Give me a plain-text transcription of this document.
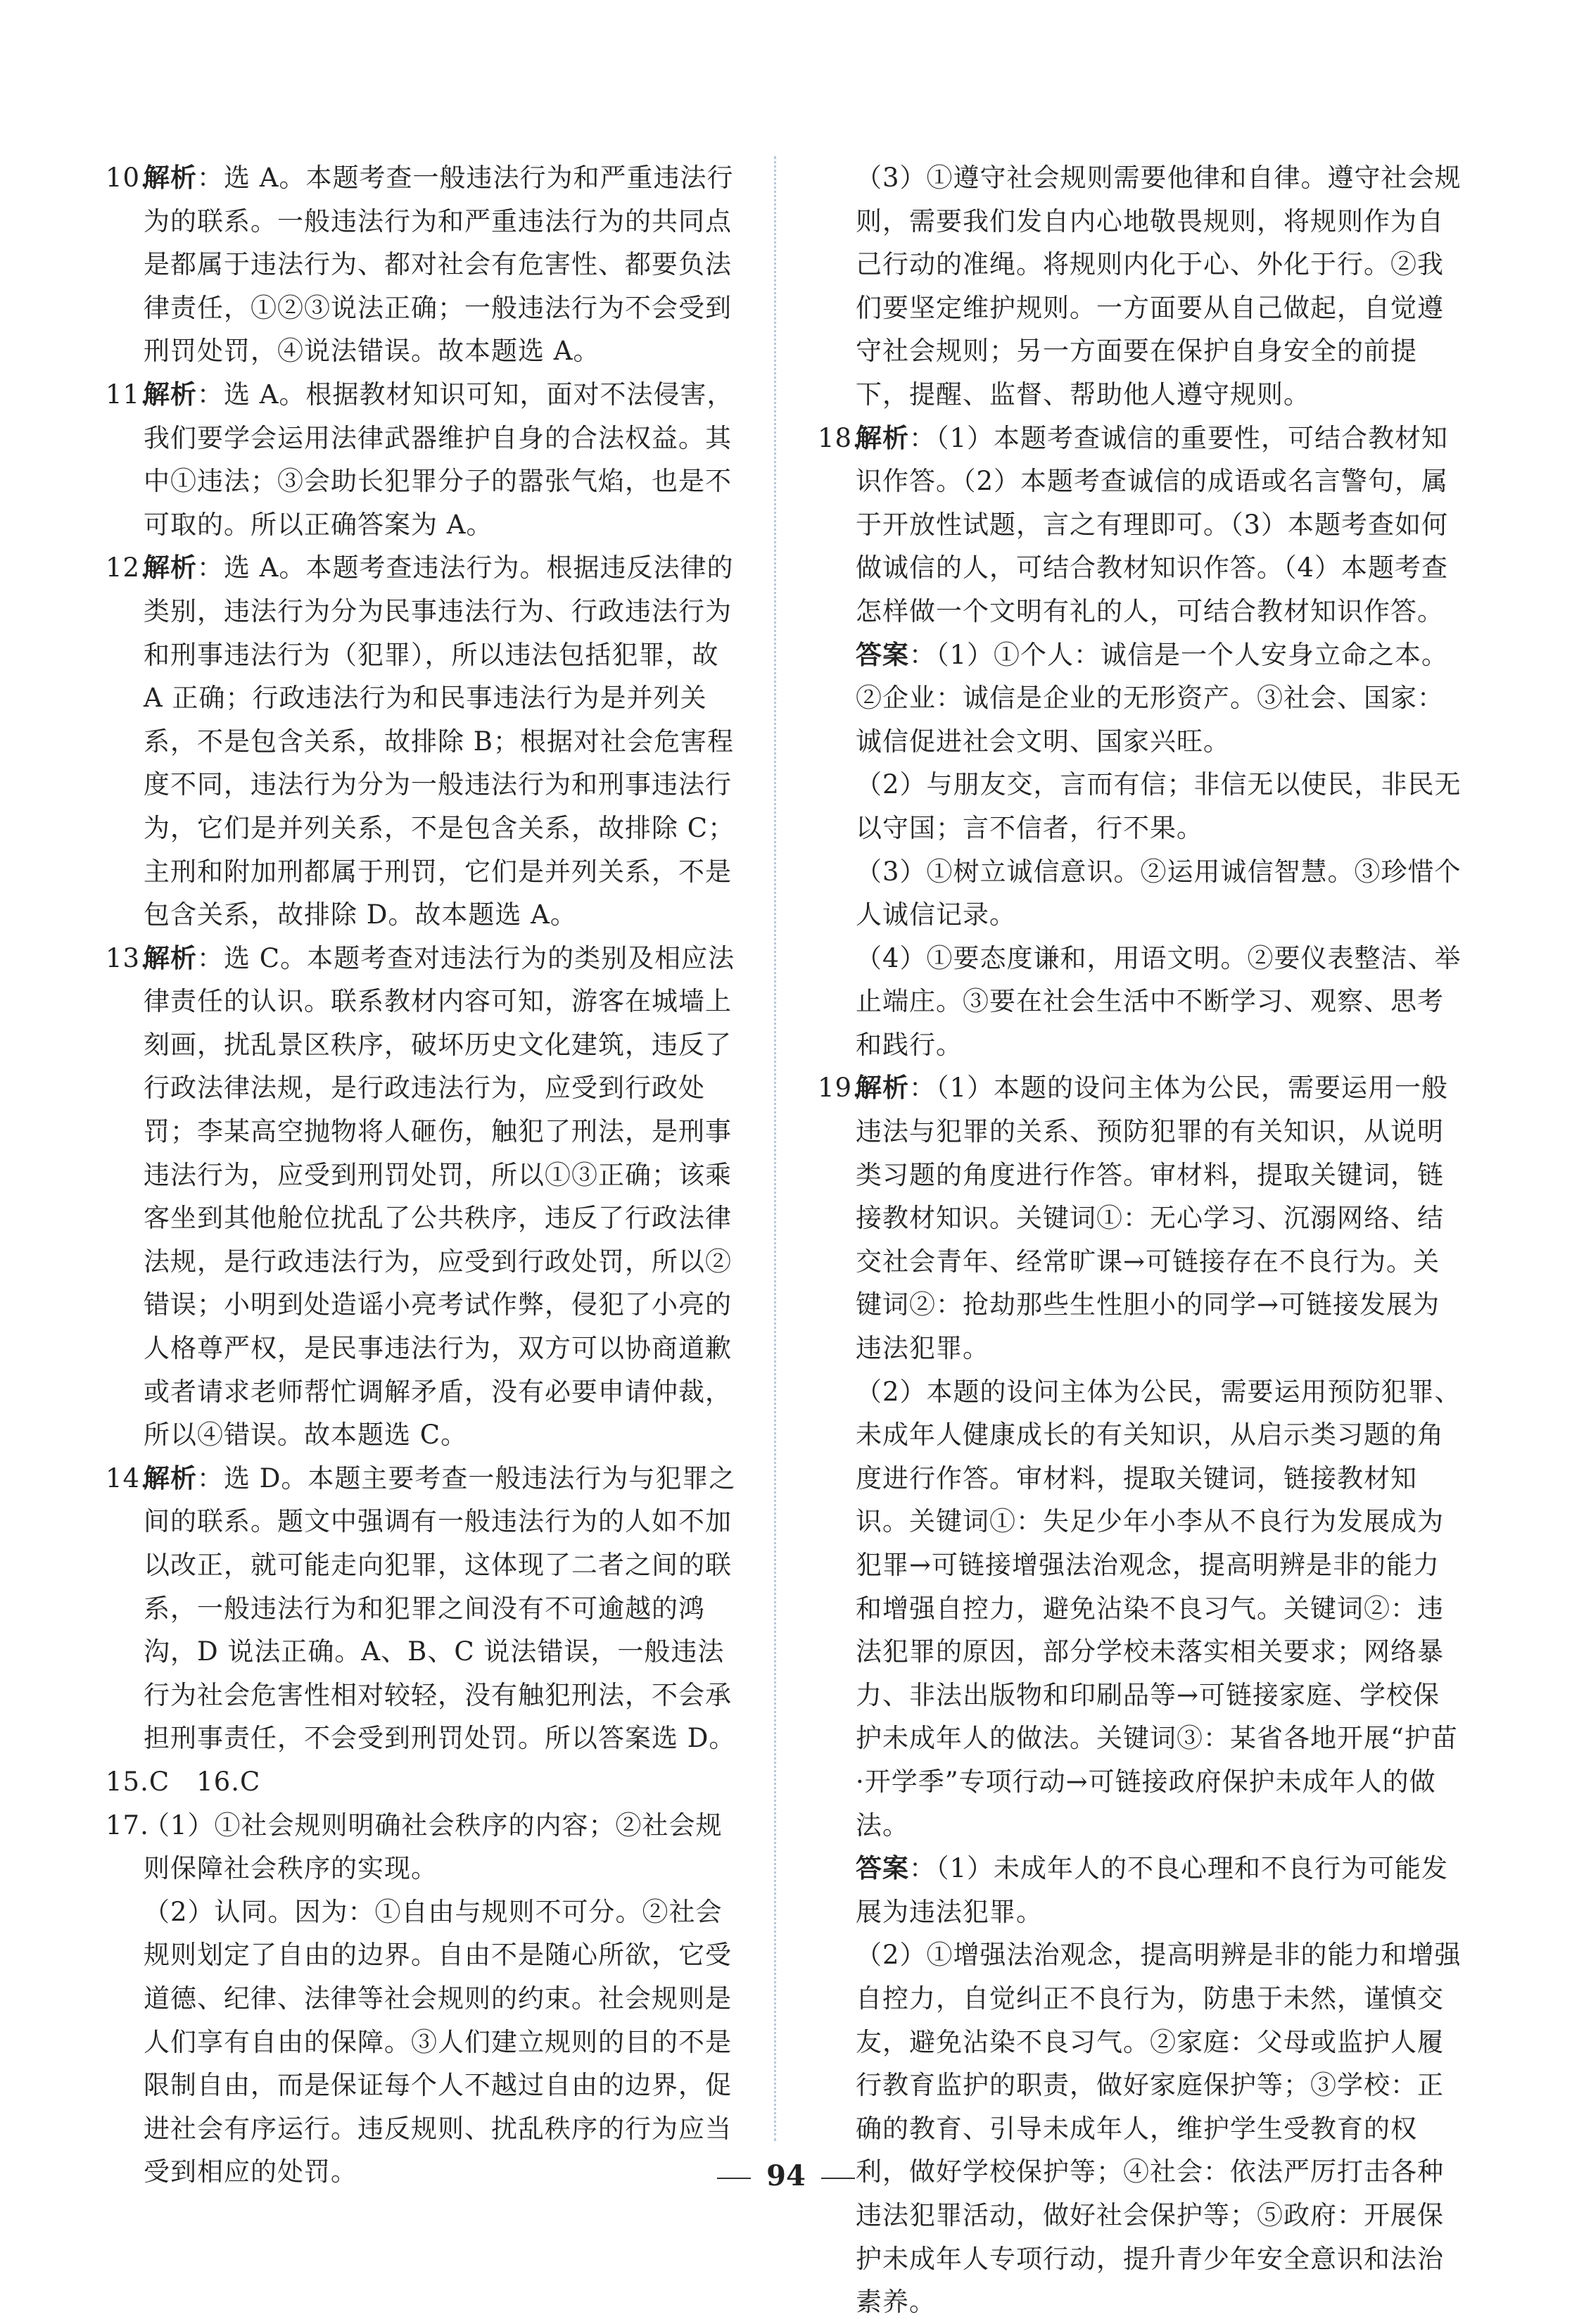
10.
解析：选 A。本题考查一般违法行为和严重违法行为的联系。一般违法行为和严重违法行为的共同点是都属于违法行为、都对社会有危害性、都要负法律责任，①②③说法正确；一般违法行为不会受到刑罚处罚，④说法错误。故本题选 A。
11.
解析：选 A。根据教材知识可知，面对不法侵害，我们要学会运用法律武器维护自身的合法权益。其中①违法；③会助长犯罪分子的嚣张气焰，也是不可取的。所以正确答案为 A。
12.
解析：选 A。本题考查违法行为。根据违反法律的类别，违法行为分为民事违法行为、行政违法行为和刑事违法行为（犯罪），所以违法包括犯罪，故 A 正确；行政违法行为和民事违法行为是并列关系，不是包含关系，故排除 B；根据对社会危害程度不同，违法行为分为一般违法行为和刑事违法行为，它们是并列关系，不是包含关系，故排除 C；主刑和附加刑都属于刑罚，它们是并列关系，不是包含关系，故排除 D。故本题选 A。
13.
解析：选 C。本题考查对违法行为的类别及相应法律责任的认识。联系教材内容可知，游客在城墙上刻画，扰乱景区秩序，破坏历史文化建筑，违反了行政法律法规，是行政违法行为，应受到行政处罚；李某高空抛物将人砸伤，触犯了刑法，是刑事违法行为，应受到刑罚处罚，所以①③正确；该乘客坐到其他舱位扰乱了公共秩序，违反了行政法律法规，是行政违法行为，应受到行政处罚，所以②错误；小明到处造谣小亮考试作弊，侵犯了小亮的人格尊严权，是民事违法行为，双方可以协商道歉或者请求老师帮忙调解矛盾，没有必要申请仲裁，所以④错误。故本题选 C。
14.
解析：选 D。本题主要考查一般违法行为与犯罪之间的联系。题文中强调有一般违法行为的人如不加以改正，就可能走向犯罪，这体现了二者之间的联系，一般违法行为和犯罪之间没有不可逾越的鸿沟，D 说法正确。A、B、C 说法错误，一般违法行为社会危害性相对较轻，没有触犯刑法，不会承担刑事责任，不会受到刑罚处罚。所以答案选 D。

15.C　16.C

17.
（1）①社会规则明确社会秩序的内容；②社会规则保障社会秩序的实现。

（2）认同。因为：①自由与规则不可分。②社会规则划定了自由的边界。自由不是随心所欲，它受道德、纪律、法律等社会规则的约束。社会规则是人们享有自由的保障。③人们建立规则的目的不是限制自由，而是保证每个人不越过自由的边界，促进社会有序运行。违反规则、扰乱秩序的行为应当受到相应的处罚。

（3）①遵守社会规则需要他律和自律。遵守社会规则，需要我们发自内心地敬畏规则，将规则作为自己行动的准绳。将规则内化于心、外化于行。②我们要坚定维护规则。一方面要从自己做起，自觉遵守社会规则；另一方面要在保护自身安全的前提下，提醒、监督、帮助他人遵守规则。

18.
解析：（1）本题考查诚信的重要性，可结合教材知识作答。（2）本题考查诚信的成语或名言警句，属于开放性试题，言之有理即可。（3）本题考查如何做诚信的人，可结合教材知识作答。（4）本题考查怎样做一个文明有礼的人，可结合教材知识作答。

答案：（1）①个人：诚信是一个人安身立命之本。②企业：诚信是企业的无形资产。③社会、国家：诚信促进社会文明、国家兴旺。

（2）与朋友交，言而有信；非信无以使民，非民无以守国；言不信者，行不果。

（3）①树立诚信意识。②运用诚信智慧。③珍惜个人诚信记录。

（4）①要态度谦和，用语文明。②要仪表整洁、举止端庄。③要在社会生活中不断学习、观察、思考和践行。

19.
解析：（1）本题的设问主体为公民，需要运用一般违法与犯罪的关系、预防犯罪的有关知识，从说明类习题的角度进行作答。审材料，提取关键词，链接教材知识。关键词①：无心学习、沉溺网络、结交社会青年、经常旷课→可链接存在不良行为。关键词②：抢劫那些生性胆小的同学→可链接发展为违法犯罪。

（2）本题的设问主体为公民，需要运用预防犯罪、未成年人健康成长的有关知识，从启示类习题的角度进行作答。审材料，提取关键词，链接教材知识。关键词①：失足少年小李从不良行为发展成为犯罪→可链接增强法治观念，提高明辨是非的能力和增强自控力，避免沾染不良习气。关键词②：违法犯罪的原因，部分学校未落实相关要求；网络暴力、非法出版物和印刷品等→可链接家庭、学校保护未成年人的做法。关键词③：某省各地开展“护苗·开学季”专项行动→可链接政府保护未成年人的做法。

答案：（1）未成年人的不良心理和不良行为可能发展为违法犯罪。

（2）①增强法治观念，提高明辨是非的能力和增强自控力，自觉纠正不良行为，防患于未然，谨慎交友，避免沾染不良习气。②家庭：父母或监护人履行教育监护的职责，做好家庭保护等；③学校：正确的教育、引导未成年人，维护学生受教育的权利，做好学校保护等；④社会：依法严厉打击各种违法犯罪活动，做好社会保护等；⑤政府：开展保护未成年人专项行动，提升青少年安全意识和法治素养。

94
